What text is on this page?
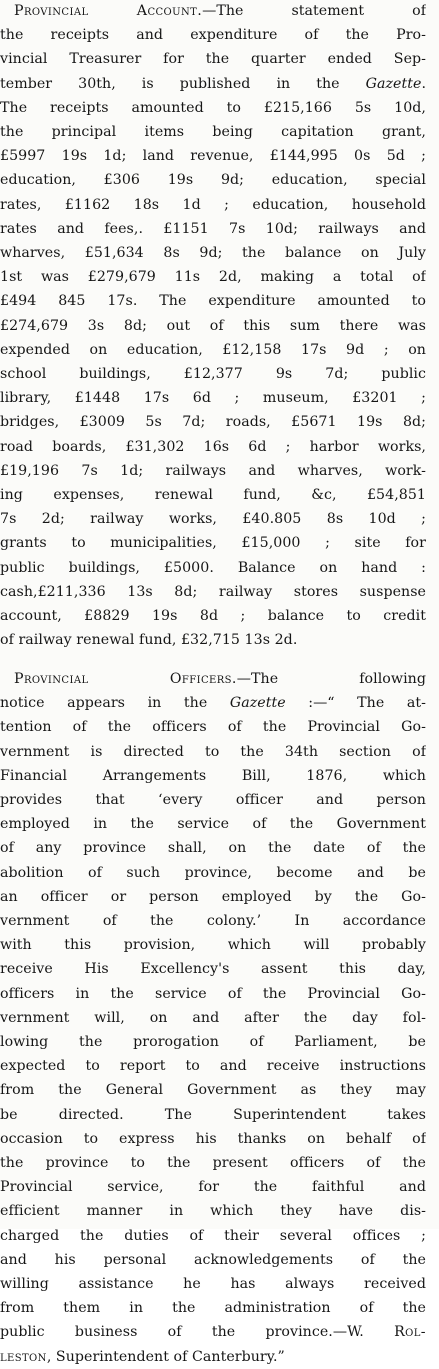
Provincial Account.—The statement of
the receipts and expenditure of the Pro-
vincial Treasurer for the quarter ended Sep-
tember 30th, is published in the Gazette.
The receipts amounted to £215,166 5s 10d,
the principal items being capitation grant,
£5997 19s 1d; land revenue, £144,995 0s 5d ;
education, £306 19s 9d; education, special
rates, £1162 18s 1d ; education, household
rates and fees,. £1151 7s 10d; railways and
wharves, £51,634 8s 9d; the balance on July
1st was £279,679 11s 2d, making a total of
£494 845 17s. The expenditure amounted to
£274,679 3s 8d; out of this sum there was
expended on education, £12,158 17s 9d ; on
school buildings, £12,377 9s 7d; public
library, £1448 17s 6d ; museum, £3201 ;
bridges, £3009 5s 7d; roads, £5671 19s 8d;
road boards, £31,302 16s 6d ; harbor works,
£19,196 7s 1d; railways and wharves, work-
ing expenses, renewal fund, &c, £54,851
7s 2d; railway works, £40.805 8s 10d ;
grants to municipalities, £15,000 ; site for
public buildings, £5000. Balance on hand :
cash,£211,336 13s 8d; railway stores suspense
account, £8829 19s 8d ; balance to credit
of railway renewal fund, £32,715 13s 2d.
Provincial Officers.—The following
notice appears in the Gazette :—“ The at-
tention of the officers of the Provincial Go-
vernment is directed to the 34th section of
Financial Arrangements Bill, 1876, which
provides that ‘every officer and person
employed in the service of the Government
of any province shall, on the date of the
abolition of such province, become and be
an officer or person employed by the Go-
vernment of the colony.’ In accordance
with this provision, which will probably
receive His Excellency's assent this day,
officers in the service of the Provincial Go-
vernment will, on and after the day fol-
lowing the prorogation of Parliament, be
expected to report to and receive instructions
from the General Government as they may
be directed. The Superintendent takes
occasion to express his thanks on behalf of
the province to the present officers of the
Provincial service, for the faithful and
efficient manner in which they have dis-
charged the duties of their several offices ;
and his personal acknowledgements of the
willing assistance he has always received
from them in the administration of the
public business of the province.—W. Rol-
leston, Superintendent of Canterbury.”
